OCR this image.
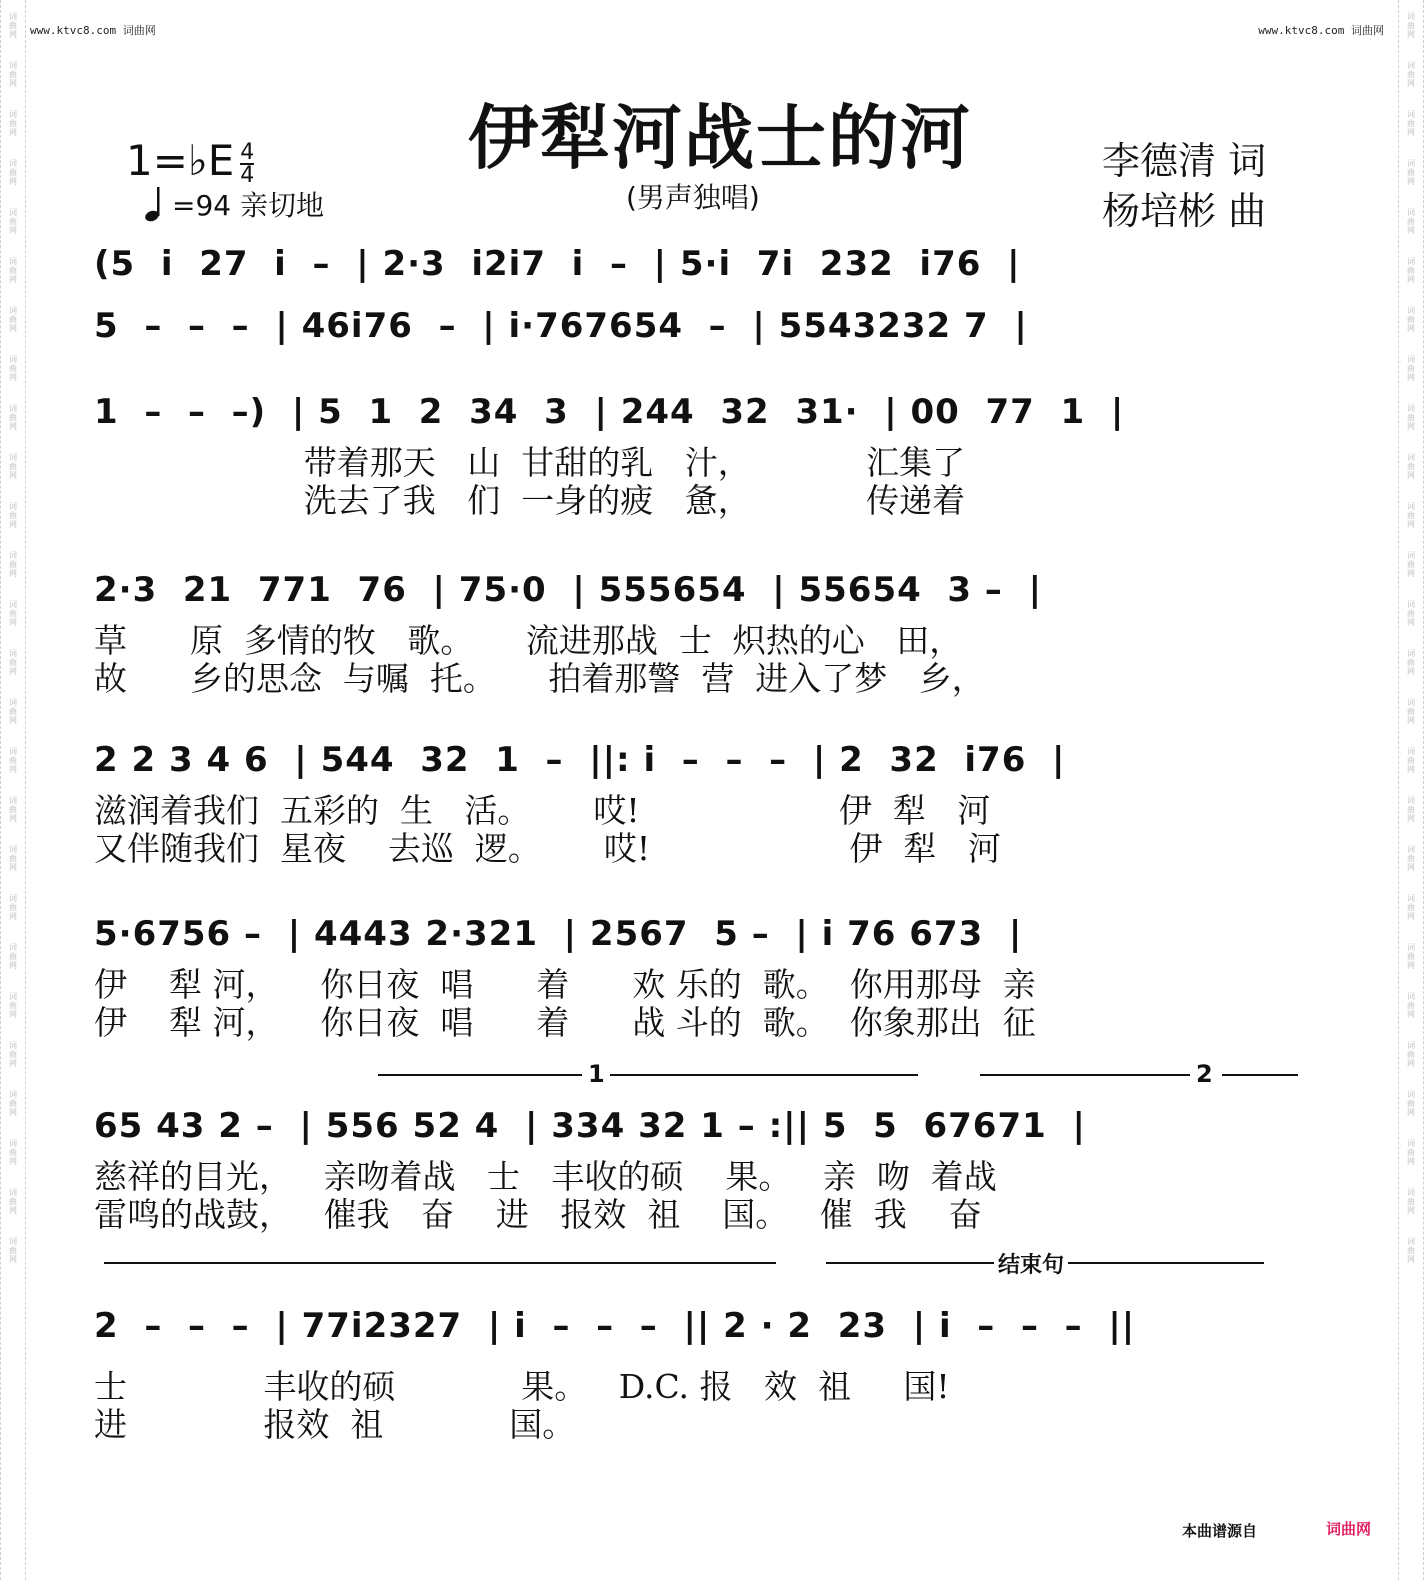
词曲网
词曲网
词曲网
词曲网
词曲网
词曲网
词曲网
词曲网
词曲网
词曲网
词曲网
词曲网
词曲网
词曲网
词曲网
词曲网
词曲网
词曲网
词曲网
词曲网
词曲网
词曲网
词曲网
词曲网
词曲网
词曲网
词曲网
词曲网
词曲网
词曲网
词曲网
词曲网
词曲网
词曲网
词曲网
词曲网
词曲网
词曲网
词曲网
词曲网
词曲网
词曲网
词曲网
词曲网
词曲网
词曲网
词曲网
词曲网
词曲网
词曲网
词曲网
词曲网
www.ktvc8.com 词曲网	www.ktvc8.com 词曲网
伊犁河战士的河
(男声独唱)
1=♭E $\frac{4}{4}$
=94 亲切地
李德清 词
杨培彬 曲
(5  i  27  i  –  | 2·3  i2i7  i  –  | 5·i  7i  232  i76  |
5  –  –  –  | 46i76  –  | i·767654  –  | 5543232 7  |
1  –  –  –)  | 5  1  2  34  3  | 244  32  31·  | 00  77  1  |
带着那天   山  甘甜的乳   汁，           汇集了
洗去了我   们  一身的疲   惫，           传递着
2·3  21  771  76  | 75·0  | 555654  | 55654  3 –  |
草      原  多情的牧   歌。     流进那战  士  炽热的心   田，
故      乡的思念  与嘱  托。     拍着那警  营  进入了梦   乡，
2 2 3 4 6  | 544  32  1  –  ||: i  –  –  –  | 2  32  i76  |
滋润着我们  五彩的  生   活。      哎!                   伊  犁   河
又伴随我们  星夜    去巡  逻。      哎!                   伊  犁   河
5·6756 –  | 4443 2·321  | 2567  5 –  | i 76 673  |
伊    犁 河，    你日夜  唱      着      欢 乐的  歌。  你用那母  亲
伊    犁 河，    你日夜  唱      着      战 斗的  歌。  你象那出  征
1	2
65 43 2 –  | 556 52 4  | 334 32 1 – :|| 5  5  67671  |
慈祥的目光，   亲吻着战   士   丰收的硕    果。   亲  吻  着战
雷鸣的战鼓，   催我   奋    进   报效  祖    国。   催  我    奋
结束句
2  –  –  –  | 77i2327  | i  –  –  –  || 2 · 2  23  | i  –  –  –  ||
士             丰收的硕            果。   D.C. 报   效  祖     国!
进             报效  祖            国。
本曲谱源自	词曲网
